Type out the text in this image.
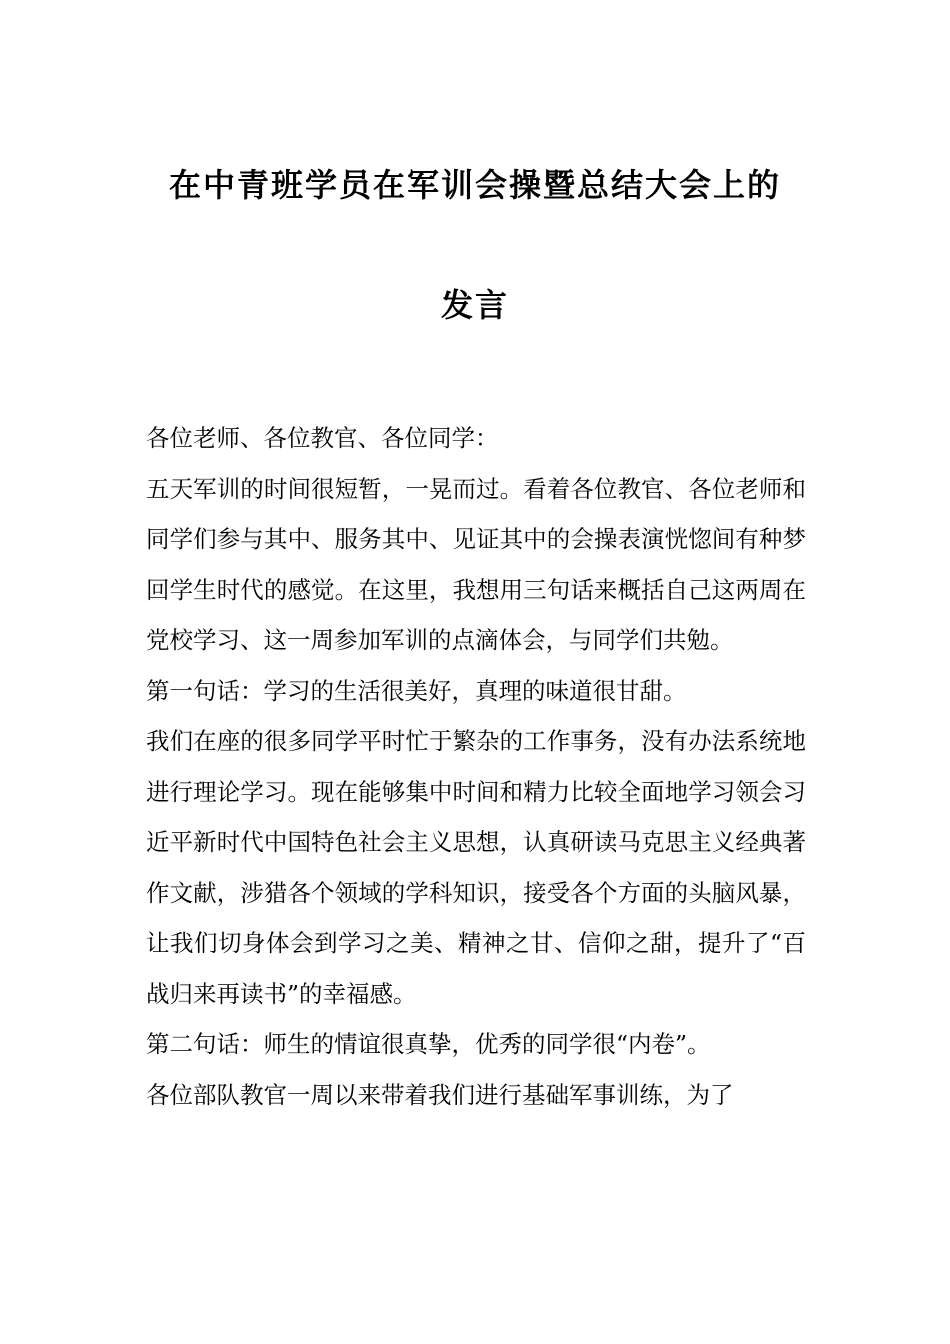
在中青班学员在军训会操暨总结大会上的
发言

各位老师、各位教官、各位同学：

五天军训的时间很短暂，一晃而过。看着各位教官、各位老师和同学们参与其中、服务其中、见证其中的会操表演恍惚间有种梦回学生时代的感觉。在这里，我想用三句话来概括自己这两周在党校学习、这一周参加军训的点滴体会，与同学们共勉。

第一句话：学习的生活很美好，真理的味道很甘甜。

我们在座的很多同学平时忙于繁杂的工作事务，没有办法系统地进行理论学习。现在能够集中时间和精力比较全面地学习领会习近平新时代中国特色社会主义思想，认真研读马克思主义经典著作文献，涉猎各个领域的学科知识，接受各个方面的头脑风暴，让我们切身体会到学习之美、精神之甘、信仰之甜，提升了“百战归来再读书”的幸福感。

第二句话：师生的情谊很真挚，优秀的同学很“内卷”。

各位部队教官一周以来带着我们进行基础军事训练，为了
